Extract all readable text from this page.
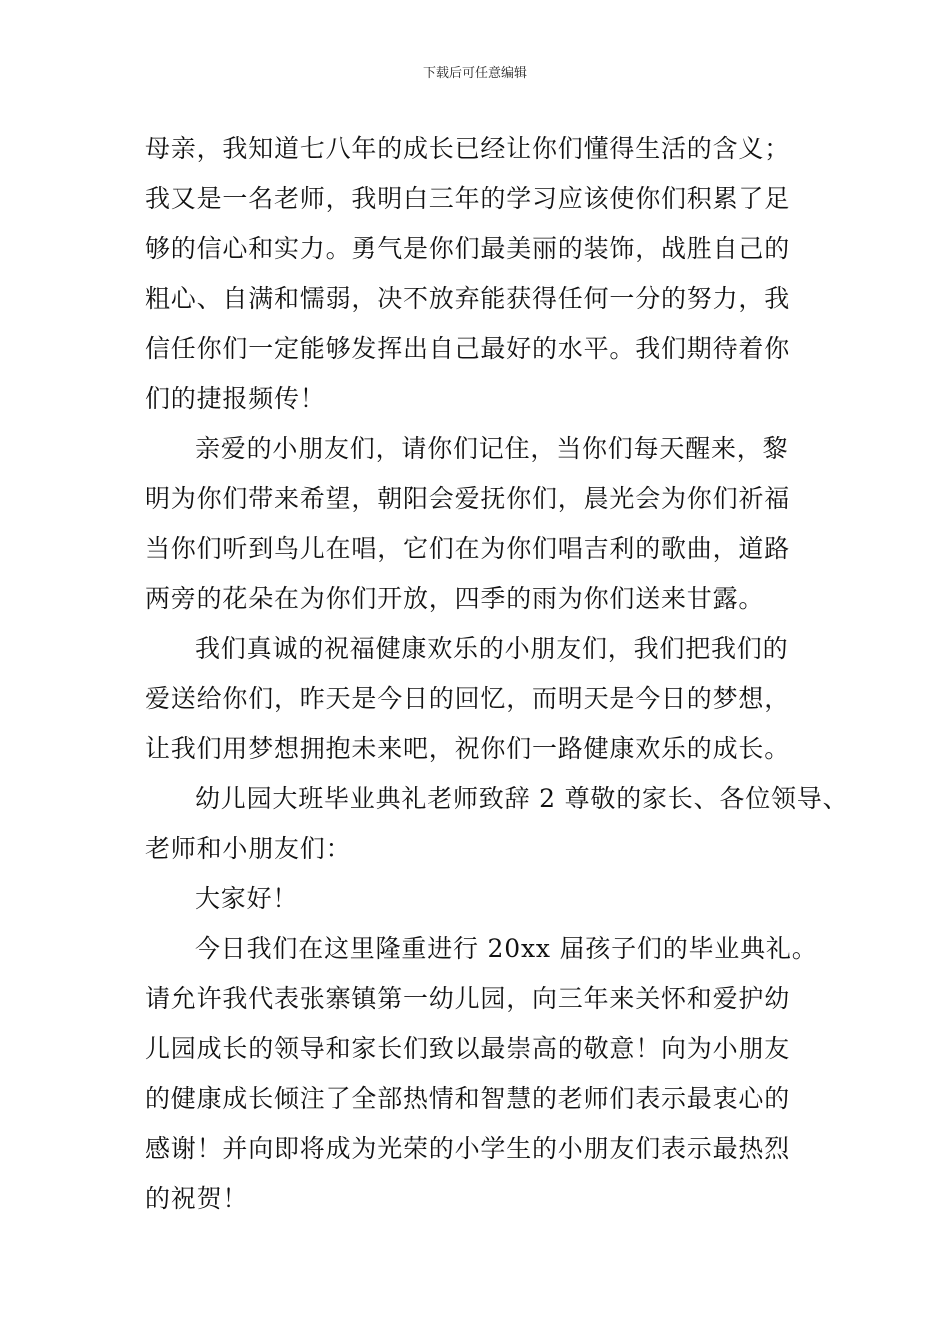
下载后可任意编辑
母亲，我知道七八年的成长已经让你们懂得生活的含义；
我又是一名老师，我明白三年的学习应该使你们积累了足
够的信心和实力。勇气是你们最美丽的装饰，战胜自己的
粗心、自满和懦弱，决不放弃能获得任何一分的努力，我
信任你们一定能够发挥出自己最好的水平。我们期待着你
们的捷报频传！
亲爱的小朋友们，请你们记住，当你们每天醒来，黎
明为你们带来希望，朝阳会爱抚你们，晨光会为你们祈福
当你们听到鸟儿在唱，它们在为你们唱吉利的歌曲，道路
两旁的花朵在为你们开放，四季的雨为你们送来甘露。
我们真诚的祝福健康欢乐的小朋友们，我们把我们的
爱送给你们，昨天是今日的回忆，而明天是今日的梦想，
让我们用梦想拥抱未来吧，祝你们一路健康欢乐的成长。
幼儿园大班毕业典礼老师致辞 2 尊敬的家长、各位领导、
老师和小朋友们：
大家好！
今日我们在这里隆重进行 20xx 届孩子们的毕业典礼。
请允许我代表张寨镇第一幼儿园，向三年来关怀和爱护幼
儿园成长的领导和家长们致以最崇高的敬意！向为小朋友
的健康成长倾注了全部热情和智慧的老师们表示最衷心的
感谢！并向即将成为光荣的小学生的小朋友们表示最热烈
的祝贺！
